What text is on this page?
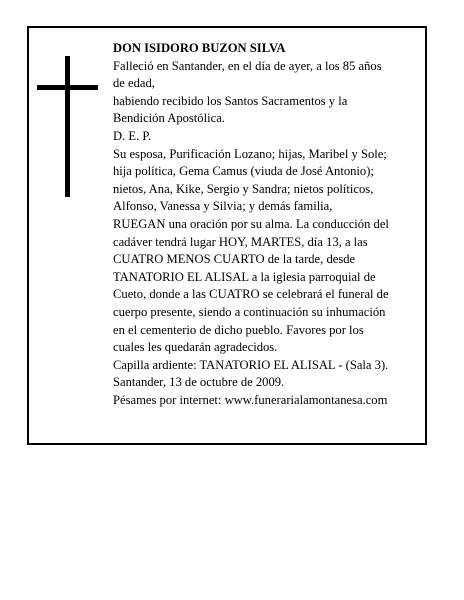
DON ISIDORO BUZON SILVA
Falleció en Santander, en el día de ayer, a los 85 años
de edad,
habiendo recibido los Santos Sacramentos y la
Bendición Apostólica.
D. E. P.
Su esposa, Purificación Lozano; hijas, Maribel y Sole;
hija política, Gema Camus (viuda de José Antonio);
nietos, Ana, Kike, Sergio y Sandra; nietos políticos,
Alfonso, Vanessa y Silvia; y demás familia,
RUEGAN una oración por su alma. La conducción del
cadáver tendrá lugar HOY, MARTES, día 13, a las
CUATRO MENOS CUARTO de la tarde, desde
TANATORIO EL ALISAL a la iglesia parroquial de
Cueto, donde a las CUATRO se celebrará el funeral de
cuerpo presente, siendo a continuación su inhumación
en el cementerio de dicho pueblo. Favores por los
cuales les quedarán agradecidos.
Capilla ardiente: TANATORIO EL ALISAL - (Sala 3).
Santander, 13 de octubre de 2009.
Pésames por internet: www.funerarialamontanesa.com
